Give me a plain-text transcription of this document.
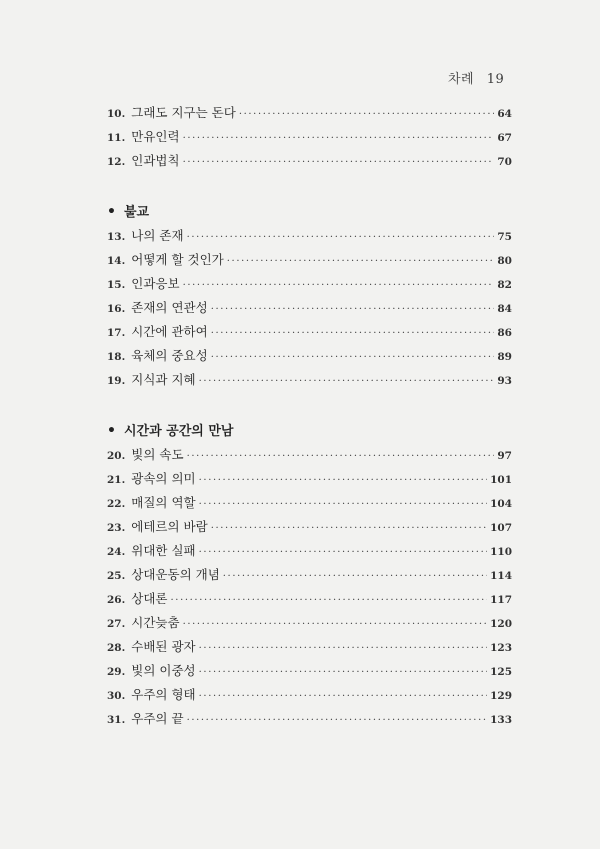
차례 19
10. 그래도 지구는 돈다 ·····	64
11. 만유인력 ·····	67
12. 인과법칙 ·····	70
• 불교
13. 나의 존재 ·····	75
14. 어떻게 할 것인가 ·····	80
15. 인과응보 ·····	82
16. 존재의 연관성 ·····	84
17. 시간에 관하여 ·····	86
18. 육체의 중요성 ·····	89
19. 지식과 지혜 ·····	93
• 시간과 공간의 만남
20. 빛의 속도 ·····	97
21. 광속의 의미 ·····	101
22. 매질의 역할 ·····	104
23. 에테르의 바람 ·····	107
24. 위대한 실패 ·····	110
25. 상대운동의 개념 ·····	114
26. 상대론 ·····	117
27. 시간늦춤 ·····	120
28. 수배된 광자 ·····	123
29. 빛의 이중성 ·····	125
30. 우주의 형태 ·····	129
31. 우주의 끝 ·····	133
